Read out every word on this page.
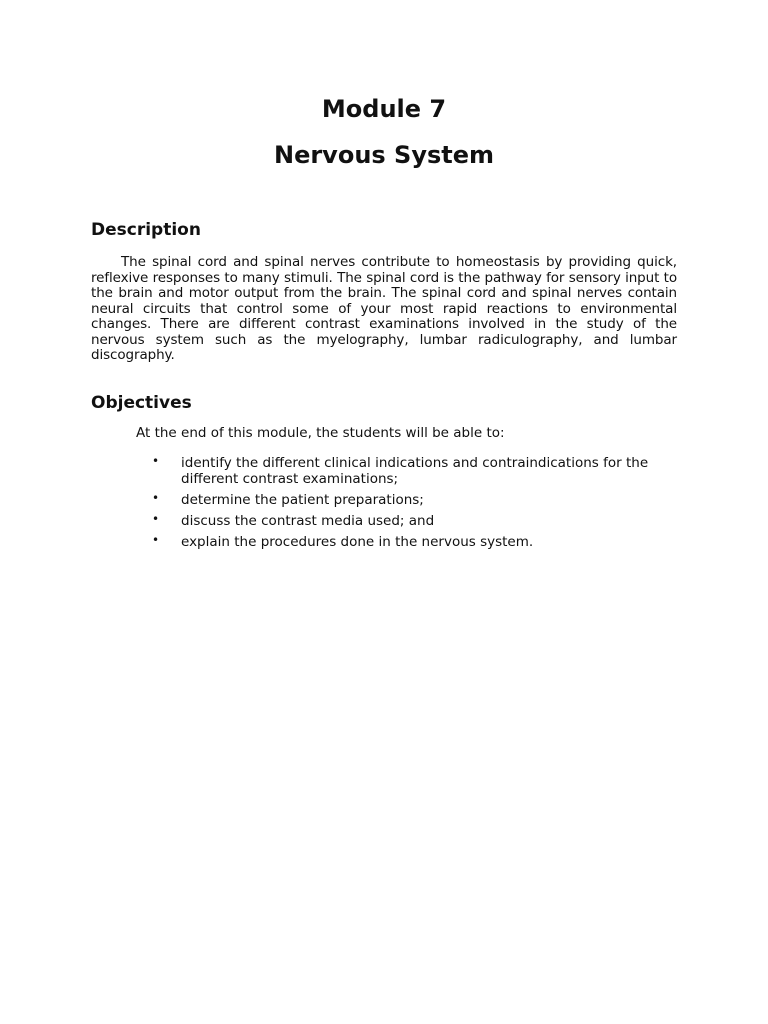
Module 7
Nervous System
Description

The spinal cord and spinal nerves contribute to homeostasis by providing quick, reflexive responses to many stimuli. The spinal cord is the pathway for sensory input to the brain and motor output from the brain. The spinal cord and spinal nerves contain neural circuits that control some of your most rapid reactions to environmental changes. There are different contrast examinations involved in the study of the nervous system such as the myelography, lumbar radiculography, and lumbar discography.

Objectives

At the end of this module, the students will be able to:

• identify the different clinical indications and contraindications for the different contrast examinations;
• determine the patient preparations;
• discuss the contrast media used; and
• explain the procedures done in the nervous system.
